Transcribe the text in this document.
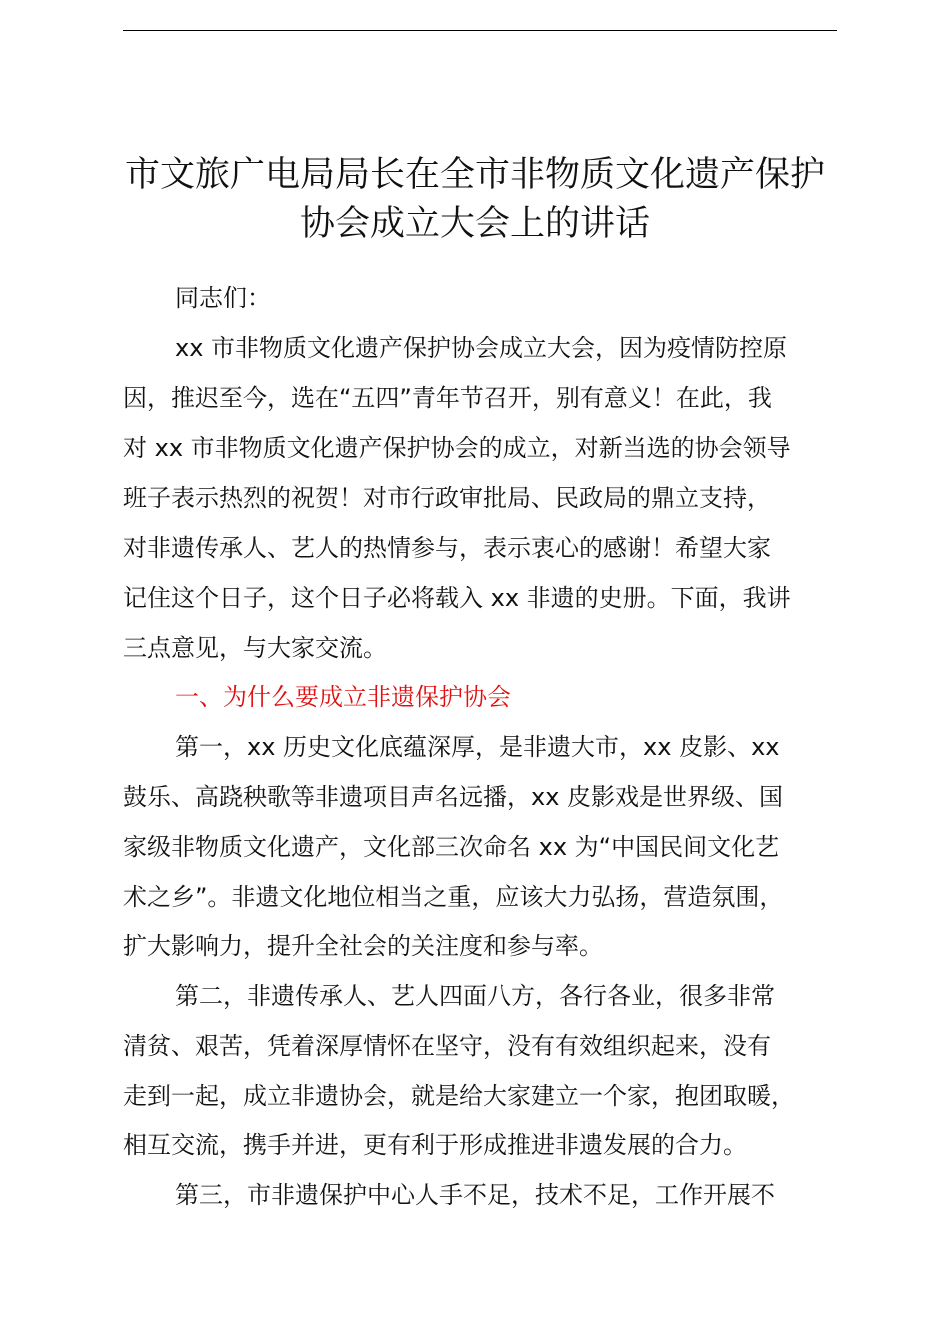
市文旅广电局局长在全市非物质文化遗产保护
协会成立大会上的讲话
同志们：
xx 市非物质文化遗产保护协会成立大会，因为疫情防控原
因，推迟至今，选在“五四”青年节召开，别有意义！在此，我
对 xx 市非物质文化遗产保护协会的成立，对新当选的协会领导
班子表示热烈的祝贺！对市行政审批局、民政局的鼎立支持，
对非遗传承人、艺人的热情参与，表示衷心的感谢！希望大家
记住这个日子，这个日子必将载入 xx 非遗的史册。下面，我讲
三点意见，与大家交流。
一、为什么要成立非遗保护协会
第一，xx 历史文化底蕴深厚，是非遗大市，xx 皮影、xx
鼓乐、高跷秧歌等非遗项目声名远播，xx 皮影戏是世界级、国
家级非物质文化遗产，文化部三次命名 xx 为“中国民间文化艺
术之乡”。非遗文化地位相当之重，应该大力弘扬，营造氛围，
扩大影响力，提升全社会的关注度和参与率。
第二，非遗传承人、艺人四面八方，各行各业，很多非常
清贫、艰苦，凭着深厚情怀在坚守，没有有效组织起来，没有
走到一起，成立非遗协会，就是给大家建立一个家，抱团取暖，
相互交流，携手并进，更有利于形成推进非遗发展的合力。
第三，市非遗保护中心人手不足，技术不足，工作开展不
